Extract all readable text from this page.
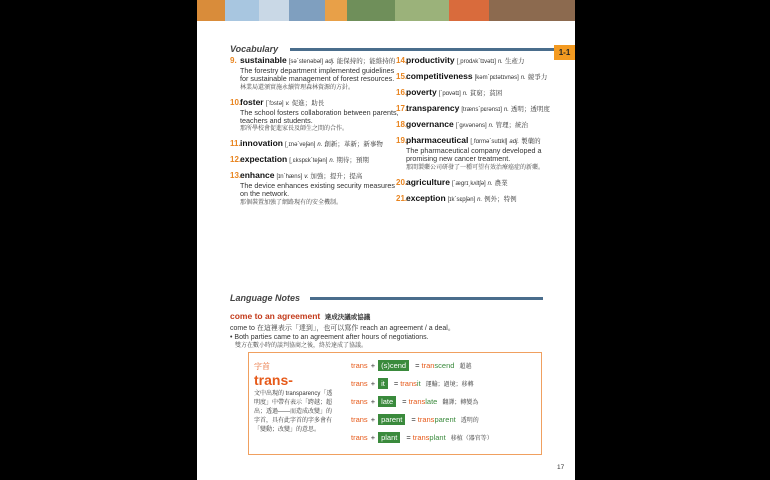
Vocabulary	1-1
9. sustainable [sə`stenəbəl] adj. 能保持的；能維持的
The forestry department implemented guidelines for sustainable management of forest resources.
林業局還頒實施永續管理森林資源的方針。
10.
foster [`fɔstə] v. 促進；助長
The school fosters collaboration between parents, teachers and students.
那所學校會促進家長及師生之間的合作。
11. innovation [͵ɪnə`veʃən] n. 創新；革新；新事物
12.
expectation [͵ɛkspɛk`teʃən] n. 期待；預期
13.
enhance [ɪn`hæns] v. 加強；提升；提高
The device enhances existing security measures on the network.
那個裝置加強了網路現有的安全機制。
14.
productivity [͵prodʌk`tɪvətɪ] n. 生產力
15.
competitiveness [kəm`pɛtətɪvnəs] n. 競爭力
16.
poverty [`pɑvətɪ] n. 貧窮；貧困
17.
transparency [træns`pɛrənsɪ] n. 透明；透明度
18.
governance [`gʌvənəns] n. 管理；統治
19.
pharmaceutical [͵fɑrmə`sutɪkḷ] adj. 製藥的
The pharmaceutical company developed a promising new cancer treatment.
那間製藥公司研發了一種可望有效治療癌症的新藥。
20.
agriculture [`ægrɪ͵kʌltʃə] n. 農業
21.
exception [ɪk`sɛpʃən] n. 例外；特例
Language Notes
come to an agreement 達成決議或協議
come to 在這裡表示「達到」，也可以寫作 reach an agreement / a deal。
• Both parties came to an agreement after hours of negotiations.
雙方在數小時的談判協商之後，終於達成了協議。
字首
trans-
文中出現的 transparency「透明度」中帶有表示「跨越；超出；透過——而造成改變」的字首，具有此字首的字多會有「變動；改變」的意思。
trans + (s)cend	= tran scend 超越
trans + it	= trans it 運輸；過境；移轉
trans + late	= trans late 翻譯；轉變為
trans + parent	= trans parent 透明的
trans + plant	= trans plant 移植（器官等）
17
